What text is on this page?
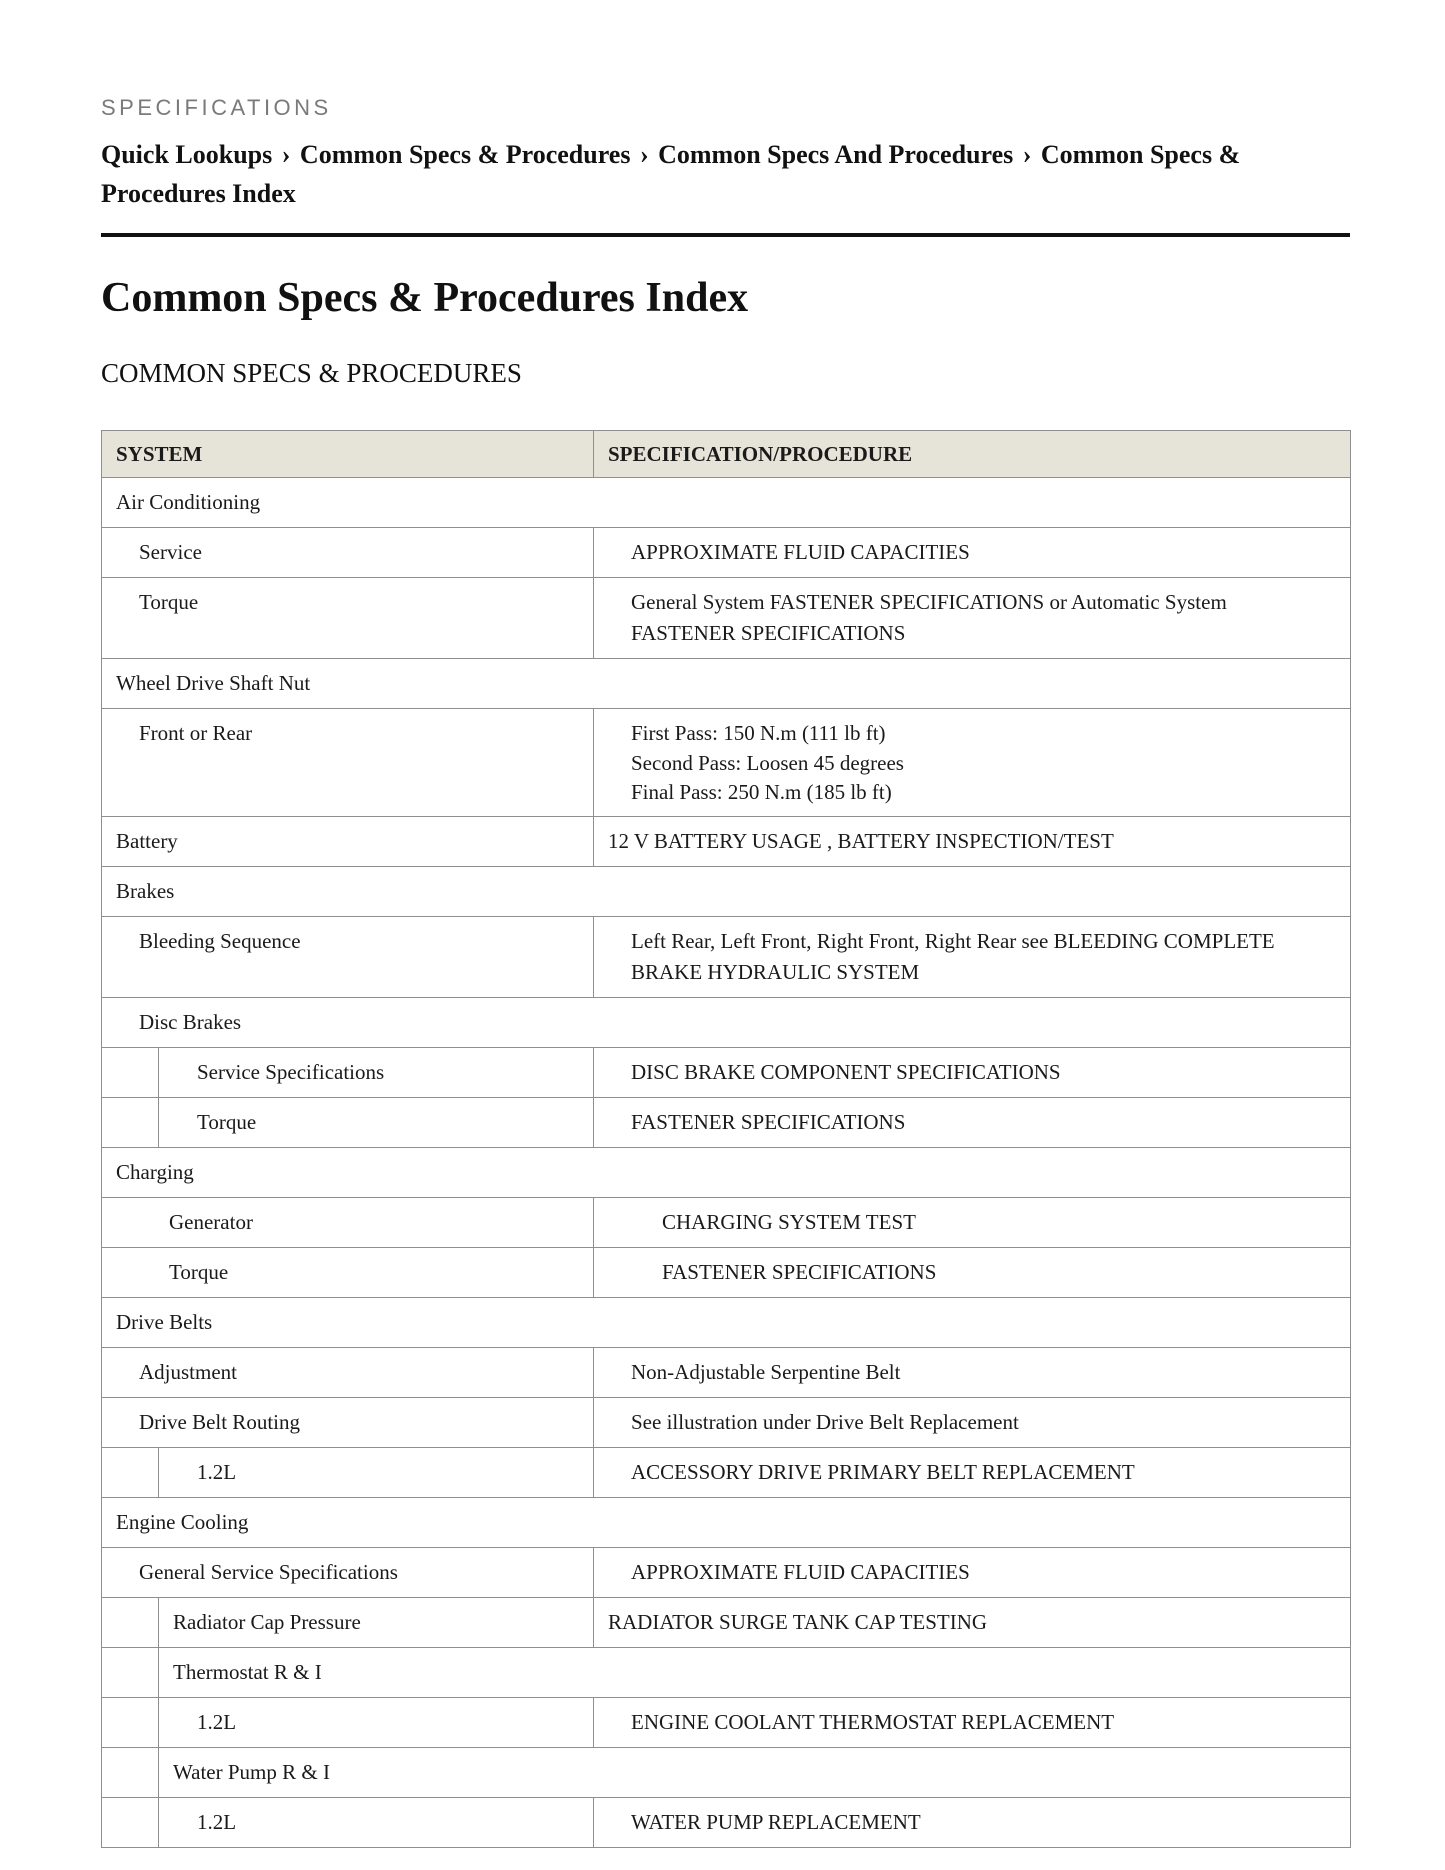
SPECIFICATIONS

Quick Lookups › Common Specs & Procedures › Common Specs And Procedures › Common Specs & Procedures Index
Common Specs & Procedures Index
COMMON SPECS & PROCEDURES
SYSTEM	SPECIFICATION/PROCEDURE
Air Conditioning	
Service	APPROXIMATE FLUID CAPACITIES

Torque	General System FASTENER SPECIFICATIONS or Automatic System
FASTENER SPECIFICATIONS

Wheel Drive Shaft Nut	
Front or Rear	First Pass: 150 N.m (111 lb ft)
Second Pass: Loosen 45 degrees
Final Pass: 250 N.m (185 lb ft)

Battery	12 V BATTERY USAGE , BATTERY INSPECTION/TEST

Brakes	
Bleeding Sequence	Left Rear, Left Front, Right Front, Right Rear see BLEEDING COMPLETE
BRAKE HYDRAULIC SYSTEM

Disc Brakes	

Service Specifications	DISC BRAKE COMPONENT SPECIFICATIONS

Torque	FASTENER SPECIFICATIONS

Charging	
Generator	CHARGING SYSTEM TEST

Torque	FASTENER SPECIFICATIONS

Drive Belts	
Adjustment	Non-Adjustable Serpentine Belt

Drive Belt Routing	See illustration under Drive Belt Replacement

1.2L	ACCESSORY DRIVE PRIMARY BELT REPLACEMENT

Engine Cooling	
General Service Specifications	APPROXIMATE FLUID CAPACITIES

Radiator Cap Pressure	RADIATOR SURGE TANK CAP TESTING

Thermostat R & I	

1.2L	ENGINE COOLANT THERMOSTAT REPLACEMENT

Water Pump R & I	

1.2L	WATER PUMP REPLACEMENT
